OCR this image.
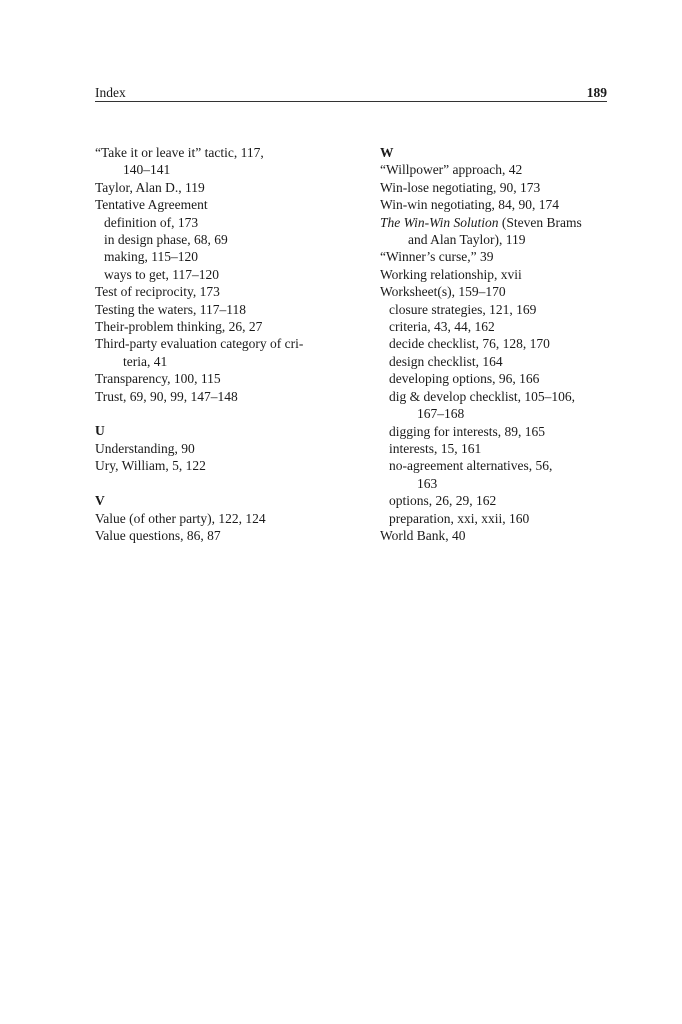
Index	189
“Take it or leave it” tactic, 117,
140–141
Taylor, Alan D., 119
Tentative Agreement
definition of, 173
in design phase, 68, 69
making, 115–120
ways to get, 117–120
Test of reciprocity, 173
Testing the waters, 117–118
Their-problem thinking, 26, 27
Third-party evaluation category of cri-
teria, 41
Transparency, 100, 115
Trust, 69, 90, 99, 147–148
U
Understanding, 90
Ury, William, 5, 122
V
Value (of other party), 122, 124
Value questions, 86, 87
W
“Willpower” approach, 42
Win-lose negotiating, 90, 173
Win-win negotiating, 84, 90, 174
The Win-Win Solution (Steven Brams
and Alan Taylor), 119
“Winner’s curse,” 39
Working relationship, xvii
Worksheet(s), 159–170
closure strategies, 121, 169
criteria, 43, 44, 162
decide checklist, 76, 128, 170
design checklist, 164
developing options, 96, 166
dig & develop checklist, 105–106,
167–168
digging for interests, 89, 165
interests, 15, 161
no-agreement alternatives, 56,
163
options, 26, 29, 162
preparation, xxi, xxii, 160
World Bank, 40
